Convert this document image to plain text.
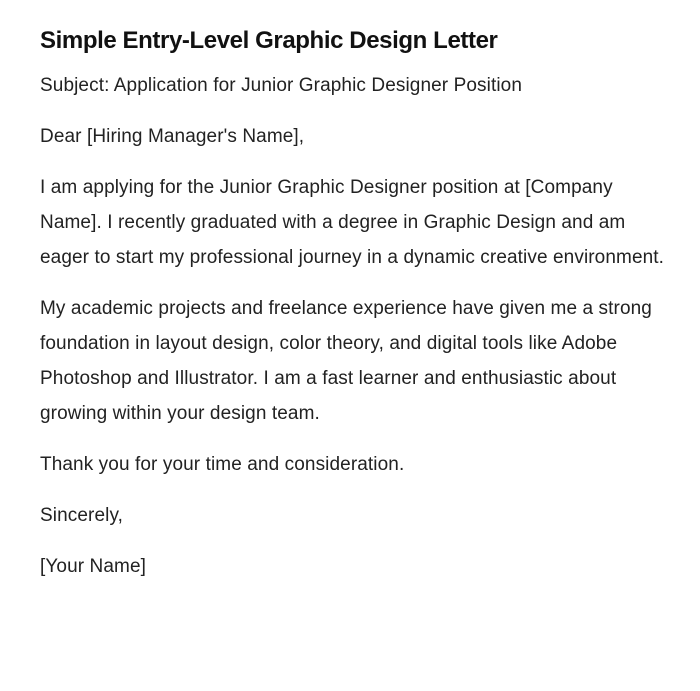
Simple Entry-Level Graphic Design Letter

Subject: Application for Junior Graphic Designer Position

Dear [Hiring Manager's Name],

I am applying for the Junior Graphic Designer position at [Company Name]. I recently graduated with a degree in Graphic Design and am eager to start my professional journey in a dynamic creative environment.

My academic projects and freelance experience have given me a strong foundation in layout design, color theory, and digital tools like Adobe Photoshop and Illustrator. I am a fast learner and enthusiastic about growing within your design team.

Thank you for your time and consideration.

Sincerely,

[Your Name]
